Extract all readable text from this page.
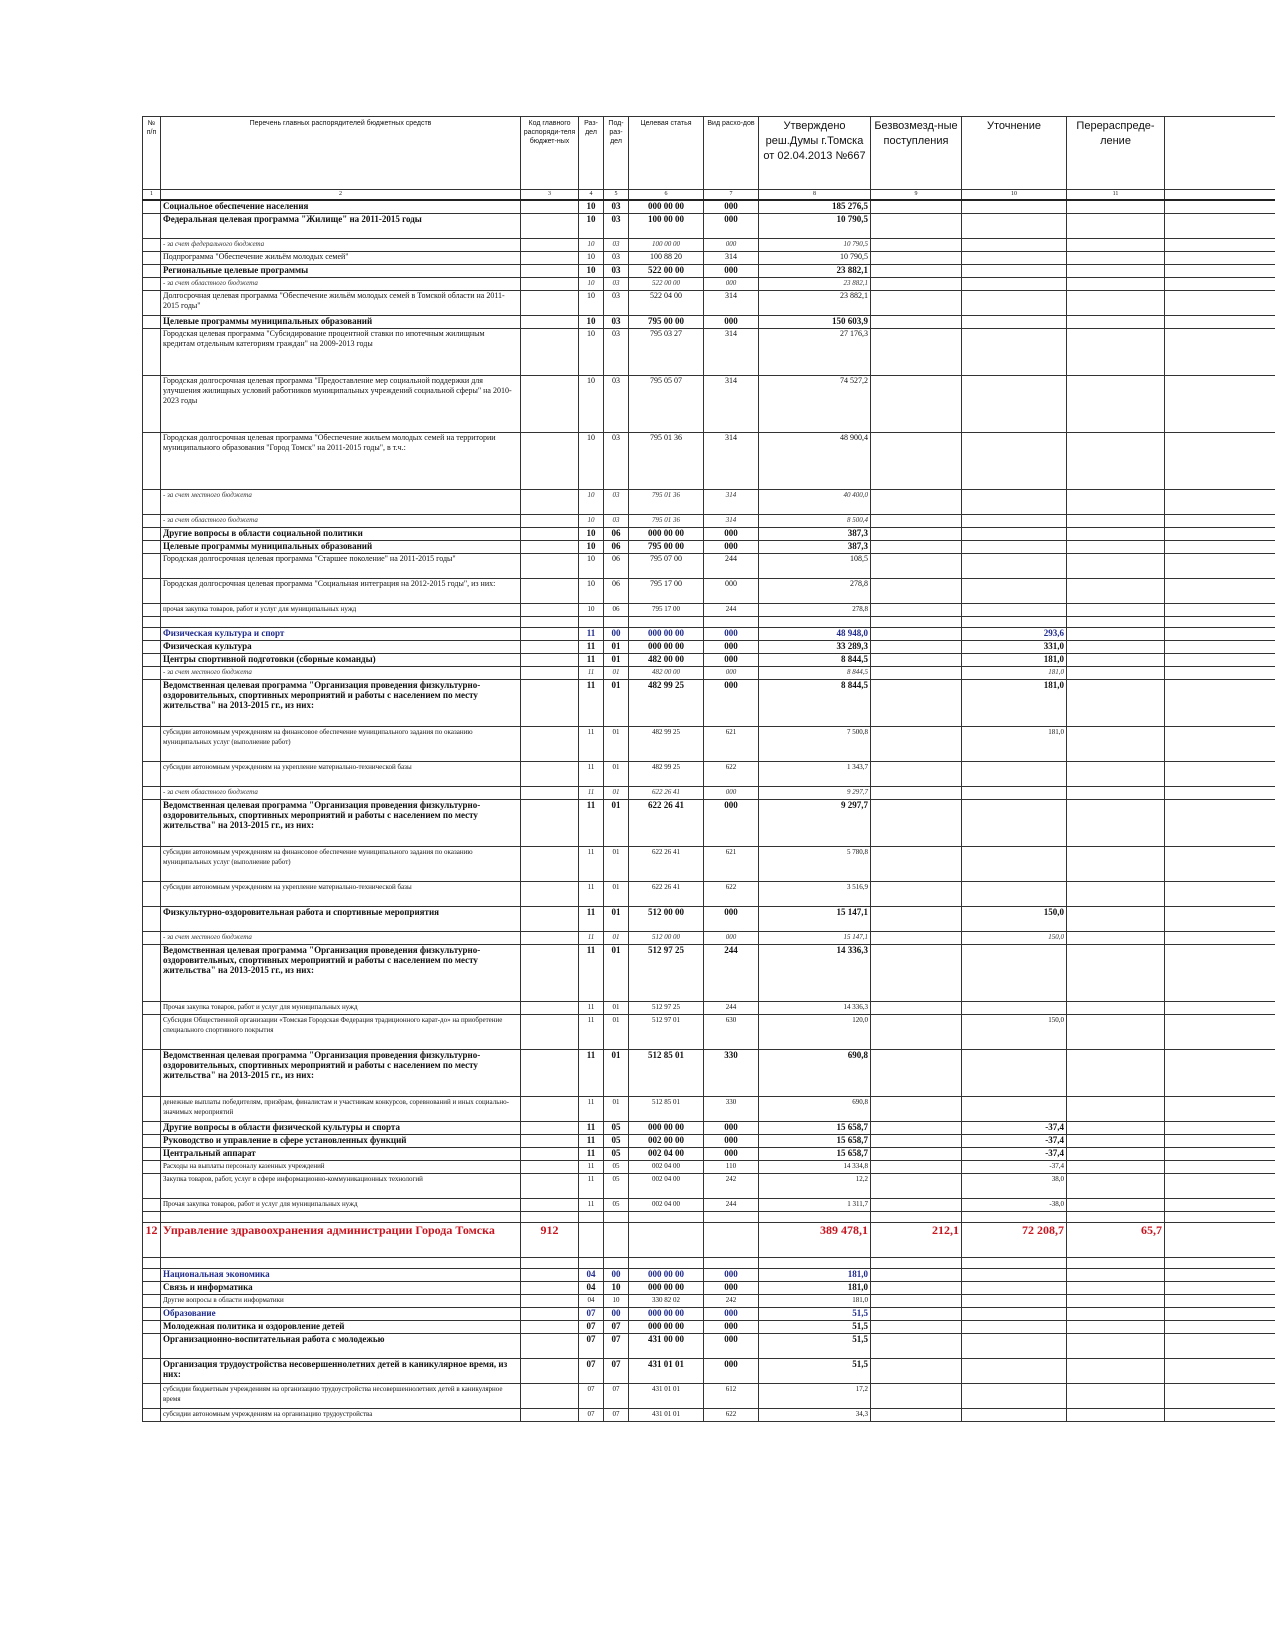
№ п/п	Перечень главных распорядителей бюджетных средств	Код главного распоряди-теля бюджет-ных	Раз-дел	Под-раз-дел	Целевая статья	Вид расхо-дов	Утверждено реш.Думы г.Томска от 02.04.2013 №667	Безвозмезд-ные поступления	Уточнение	Перераспреде-ление	
1	2	3	4	5	6	7	8	9	10	11	
	Социальное обеспечение населения		10	03	000 00 00	000	185 276,5				
	Федеральная целевая программа "Жилище" на 2011-2015 годы		10	03	100 00 00	000	10 790,5				
	- за счет федерального бюджета		10	03	100 00 00	000	10 790,5				
	Подпрограмма "Обеспечение жильём молодых семей"		10	03	100 88 20	314	10 790,5				
	Региональные целевые программы		10	03	522 00 00	000	23 882,1				
	- за счет областного бюджета		10	03	522 00 00	000	23 882,1				
	Долгосрочная целевая программа "Обеспечение жильём молодых семей в Томской области на 2011-2015 годы"		10	03	522 04 00	314	23 882,1				
	Целевые программы муниципальных образований		10	03	795 00 00	000	150 603,9				
	Городская целевая программа "Субсидирование процентной ставки по ипотечным жилищным кредитам отдельным категориям граждан" на 2009-2013 годы		10	03	795 03 27	314	27 176,3				
	Городская долгосрочная целевая программа "Предоставление мер социальной поддержки для улучшения жилищных условий работников муниципальных учреждений социальной сферы" на 2010-2023 годы		10	03	795 05 07	314	74 527,2				
	Городская долгосрочная целевая программа "Обеспечение жильем молодых семей на территории муниципального образования "Город Томск" на 2011-2015 годы", в т.ч.:		10	03	795 01 36	314	48 900,4				
	- за счет местного бюджета		10	03	795 01 36	314	40 400,0				
	- за счет областного бюджета		10	03	795 01 36	314	8 500,4				
	Другие вопросы в области социальной политики		10	06	000 00 00	000	387,3				
	Целевые программы муниципальных образований		10	06	795 00 00	000	387,3				
	Городская долгосрочная целевая программа "Старшее поколение" на 2011-2015 годы"		10	06	795 07 00	244	108,5				
	Городская долгосрочная целевая программа "Социальная интеграция на 2012-2015 годы", из них:		10	06	795 17 00	000	278,8				
	прочая закупка товаров, работ и услуг для муниципальных нужд		10	06	795 17 00	244	278,8				

	Физическая культура и спорт		11	00	000 00 00	000	48 948,0		293,6		
	Физическая культура		11	01	000 00 00	000	33 289,3		331,0		
	Центры спортивной подготовки (сборные команды)		11	01	482 00 00	000	8 844,5		181,0		
	- за счет местного бюджета		11	01	482 00 00	000	8 844,5		181,0		
	Ведомственная целевая программа "Организация проведения физкультурно-оздоровительных, спортивных мероприятий и работы с населением по месту жительства" на 2013-2015 гг., из них:		11	01	482 99 25	000	8 844,5		181,0		
	субсидии автономным учреждениям на финансовое обеспечение муниципального задания по оказанию муниципальных услуг (выполнение работ)		11	01	482 99 25	621	7 500,8		181,0		
	субсидии автономным учреждениям на укрепление материально-технической базы		11	01	482 99 25	622	1 343,7				
	- за счет областного бюджета		11	01	622 26 41	000	9 297,7				
	Ведомственная целевая программа "Организация проведения физкультурно-оздоровительных, спортивных мероприятий и работы с населением по месту жительства" на 2013-2015 гг., из них:		11	01	622 26 41	000	9 297,7				
	субсидии автономным учреждениям на финансовое обеспечение муниципального задания по оказанию муниципальных услуг (выполнение работ)		11	01	622 26 41	621	5 780,8				
	субсидии автономным учреждениям на укрепление материально-технической базы		11	01	622 26 41	622	3 516,9				
	Физкультурно-оздоровительная работа и спортивные мероприятия		11	01	512 00 00	000	15 147,1		150,0		
	- за счет местного бюджета		11	01	512 00 00	000	15 147,1		150,0		
	Ведомственная целевая программа "Организация проведения физкультурно-оздоровительных, спортивных мероприятий и работы с населением по месту жительства" на 2013-2015 гг., из них:		11	01	512 97 25	244	14 336,3				
	Прочая закупка товаров, работ и услуг для муниципальных нужд		11	01	512 97 25	244	14 336,3				
	Субсидия Общественной организации «Томская Городская Федерация традиционного карат-до» на приобретение специального спортивного покрытия		11	01	512 97 01	630	120,0		150,0		
	Ведомственная целевая программа "Организация проведения физкультурно-оздоровительных, спортивных мероприятий и работы с населением по месту жительства" на 2013-2015 гг., из них:		11	01	512 85 01	330	690,8				
	денежные выплаты победителям, призёрам, финалистам и участникам конкурсов, соревнований и иных социально-значимых мероприятий		11	01	512 85 01	330	690,8				
	Другие вопросы в области физической культуры и спорта		11	05	000 00 00	000	15 658,7		-37,4		
	Руководство и управление в сфере установленных функций		11	05	002 00 00	000	15 658,7		-37,4		
	Центральный аппарат		11	05	002 04 00	000	15 658,7		-37,4		
	Расходы на выплаты персоналу казенных учреждений		11	05	002 04 00	110	14 334,8		-37,4		
	Закупка товаров, работ, услуг в сфере информационно-коммуникационных технологий		11	05	002 04 00	242	12,2		38,0		
	Прочая закупка товаров, работ и услуг для муниципальных нужд		11	05	002 04 00	244	1 311,7		-38,0		

12	Управление здравоохранения администрации Города Томска	912					389 478,1	212,1	72 208,7	65,7	

	Национальная экономика		04	00	000 00 00	000	181,0				
	Связь и информатика		04	10	000 00 00	000	181,0				
	Другие вопросы в области информатики		04	10	330 82 02	242	181,0				
	Образование		07	00	000 00 00	000	51,5				
	Молодежная политика и оздоровление детей		07	07	000 00 00	000	51,5				
	Организационно-воспитательная работа с молодежью		07	07	431 00 00	000	51,5				
	Организация трудоустройства несовершеннолетних детей в каникулярное время, из них:		07	07	431 01 01	000	51,5				
	субсидии бюджетным учреждениям на организацию трудоустройства несовершеннолетних детей в каникулярное время		07	07	431 01 01	612	17,2				
	субсидии автономным учреждениям на организацию трудоустройства		07	07	431 01 01	622	34,3				
